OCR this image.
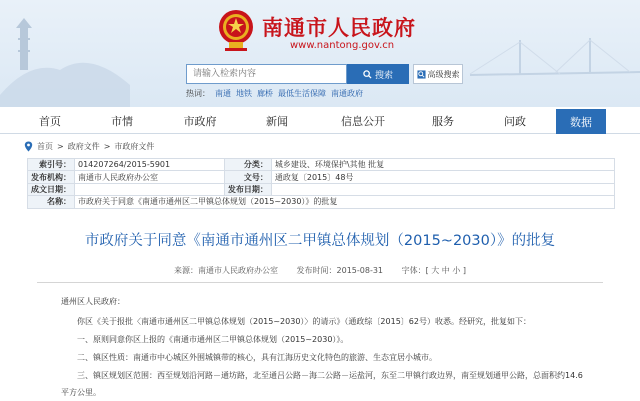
南通市人民政府
www.nantong.gov.cn
请输入检索内容
搜索	高级搜索
热词： 南通 地铁 廊桥 最低生活保障 南通政府
首页	市情	市政府	新闻	信息公开	服务	问政	数据
首页 > 政府文件 > 市政府文件
索引号：	014207264/2015-5901	分类：	城乡建设、环境保护\其他 批复
发布机构：	南通市人民政府办公室	文号：	通政复〔2015〕48号
成文日期：		发布日期：	
名称：	市政府关于同意《南通市通州区二甲镇总体规划（2015~2030）》的批复		
市政府关于同意《南通市通州区二甲镇总体规划（2015~2030）》的批复
来源：南通市人民政府办公室 发布时间：2015-08-31 字体：[ 大 中 小 ]
通州区人民政府：
你区《关于报批〈南通市通州区二甲镇总体规划（2015~2030）〉的请示》（通政综〔2015〕62号）收悉。经研究，批复如下：
一、原则同意你区上报的《南通市通州区二甲镇总体规划（2015~2030）》。
二、镇区性质：南通市中心城区外围城镇带的核心，具有江海历史文化特色的旅游、生态宜居小城市。
三、镇区规划区范围：西至规划沿河路－通坊路，北至通吕公路－海二公路－运盐河，东至二甲镇行政边界，南至规划通甲公路，总面积约14.6
平方公里。
